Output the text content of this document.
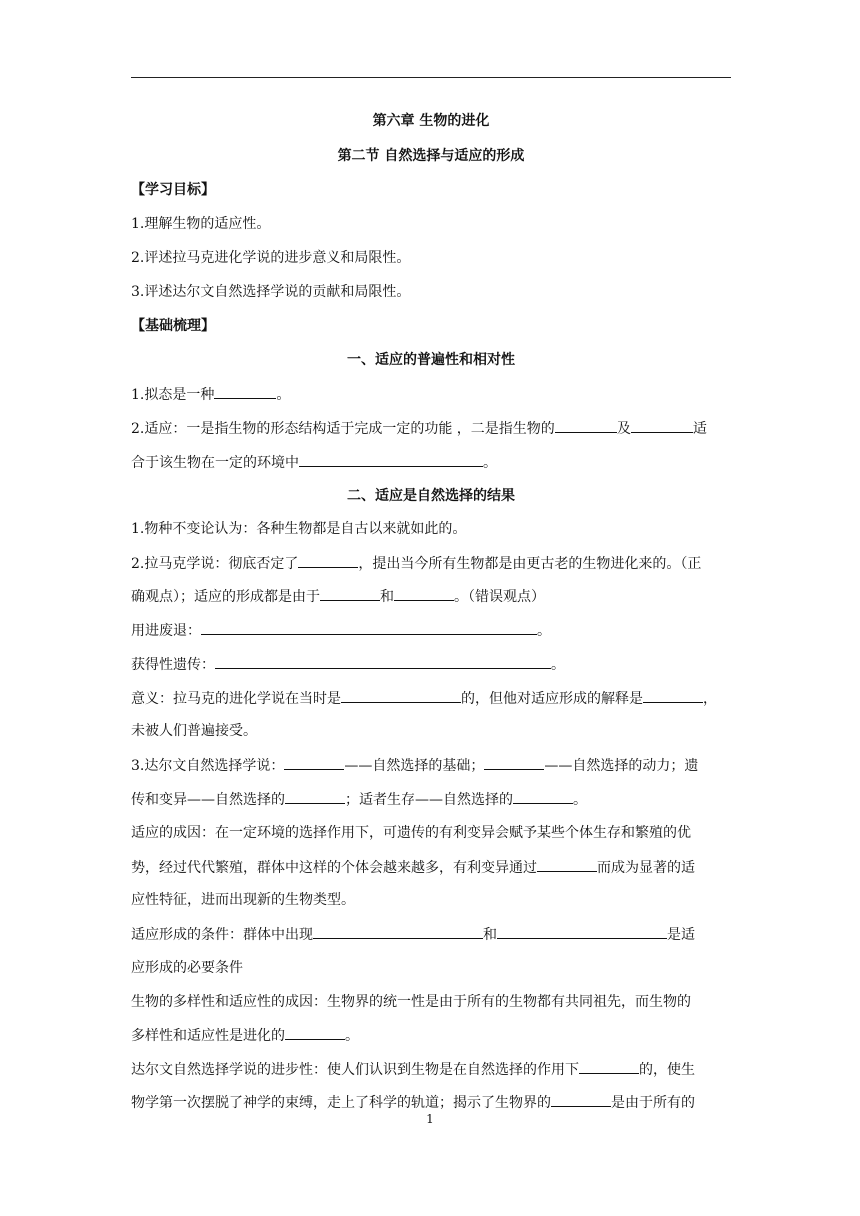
第六章 生物的进化
第二节 自然选择与适应的形成
【学习目标】
1.理解生物的适应性。
2.评述拉马克进化学说的进步意义和局限性。
3.评述达尔文自然选择学说的贡献和局限性。
【基础梳理】
一、适应的普遍性和相对性
1.拟态是一种	。
2.适应：一是指生物的形态结构适于完成一定的功能 ，二是指生物的	及	适
合于该生物在一定的环境中	。
二、适应是自然选择的结果
1.物种不变论认为：各种生物都是自古以来就如此的。
2.拉马克学说：彻底否定了	，提出当今所有生物都是由更古老的生物进化来的。（正
确观点）；适应的形成都是由于	和	。（错误观点）
用进废退：	。
获得性遗传：	。
意义：拉马克的进化学说在当时是	的，但他对适应形成的解释是	，
未被人们普遍接受。
3.达尔文自然选择学说：	——自然选择的基础；	——自然选择的动力；遗
传和变异——自然选择的	；适者生存——自然选择的	。
适应的成因：在一定环境的选择作用下，可遗传的有利变异会赋予某些个体生存和繁殖的优
势，经过代代繁殖，群体中这样的个体会越来越多，有利变异通过	而成为显著的适
应性特征，进而出现新的生物类型。
适应形成的条件：群体中出现	和	是适
应形成的必要条件
生物的多样性和适应性的成因：生物界的统一性是由于所有的生物都有共同祖先，而生物的
多样性和适应性是进化的	。
达尔文自然选择学说的进步性：使人们认识到生物是在自然选择的作用下	的，使生
物学第一次摆脱了神学的束缚，走上了科学的轨道；揭示了生物界的	是由于所有的
1
